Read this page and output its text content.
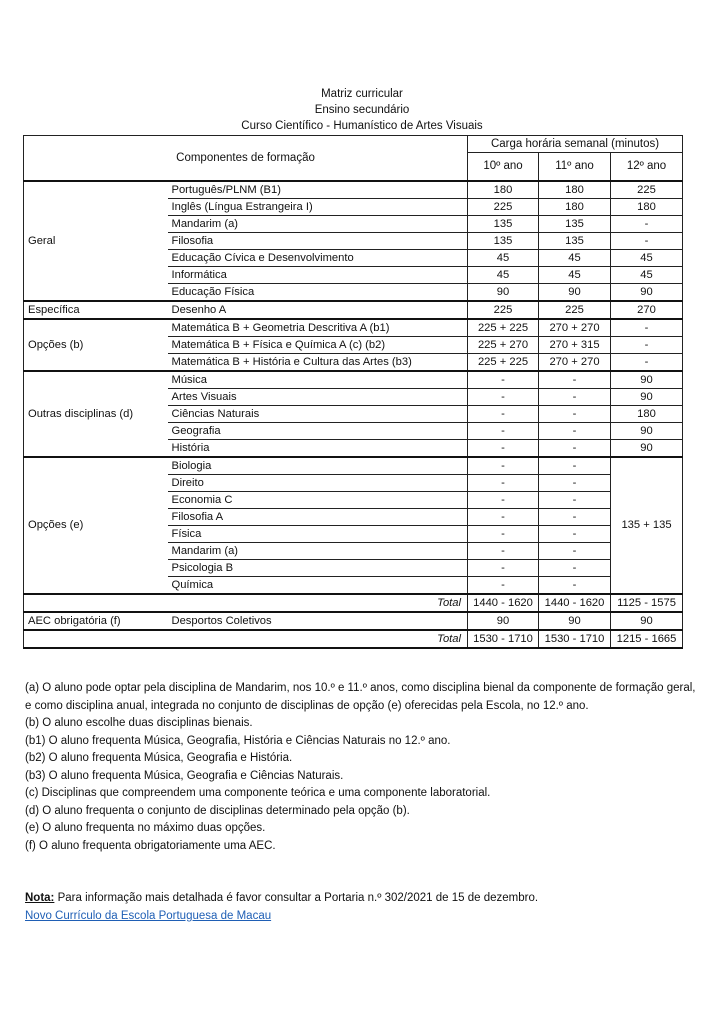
Matriz curricular
Ensino secundário
Curso Científico - Humanístico de Artes Visuais
Componentes de formação		Carga horária semanal (minutos)		
		10º ano	11º ano	12º ano
Geral	Português/PLNM (B1)	180	180	225
	Inglês (Língua Estrangeira I)	225	180	180
	Mandarim (a)	135	135	-
	Filosofia	135	135	-
	Educação Cívica e Desenvolvimento	45	45	45
	Informática	45	45	45
	Educação Física	90	90	90
Específica	Desenho A	225	225	270
Opções (b)	Matemática B + Geometria Descritiva A (b1)	225 + 225	270 + 270	-
	Matemática B + Física e Química A (c) (b2)	225 + 270	270 + 315	-
	Matemática B + História e Cultura das Artes (b3)	225 + 225	270 + 270	-
Outras disciplinas (d)	Música	-	-	90
	Artes Visuais	-	-	90
	Ciências Naturais	-	-	180
	Geografia	-	-	90
	História	-	-	90
Opções (e)	Biologia	-	-	135 + 135
	Direito	-	-	
	Economia C	-	-	
	Filosofia A	-	-	
	Física	-	-	
	Mandarim (a)	-	-	
	Psicologia B	-	-	
	Química	-	-	
Total		1440 - 1620	1440 - 1620	1125 - 1575
AEC obrigatória (f)	Desportos Coletivos	90	90	90
Total		1530 - 1710	1530 - 1710	1215 - 1665

(a) O aluno pode optar pela disciplina de Mandarim, nos 10.º e 11.º anos, como disciplina bienal da componente de formação geral, e como disciplina anual, integrada no conjunto de disciplinas de opção (e) oferecidas pela Escola, no 12.º ano.

(b) O aluno escolhe duas disciplinas bienais.

(b1) O aluno frequenta Música, Geografia, História e Ciências Naturais no 12.º ano.

(b2) O aluno frequenta Música, Geografia e História.

(b3) O aluno frequenta Música, Geografia e Ciências Naturais.

(c) Disciplinas que compreendem uma componente teórica e uma componente laboratorial.

(d) O aluno frequenta o conjunto de disciplinas determinado pela opção (b).

(e) O aluno frequenta no máximo duas opções.

(f) O aluno frequenta obrigatoriamente uma AEC.

Nota: Para informação mais detalhada é favor consultar a Portaria n.º 302/2021 de 15 de dezembro.
Novo Currículo da Escola Portuguesa de Macau
